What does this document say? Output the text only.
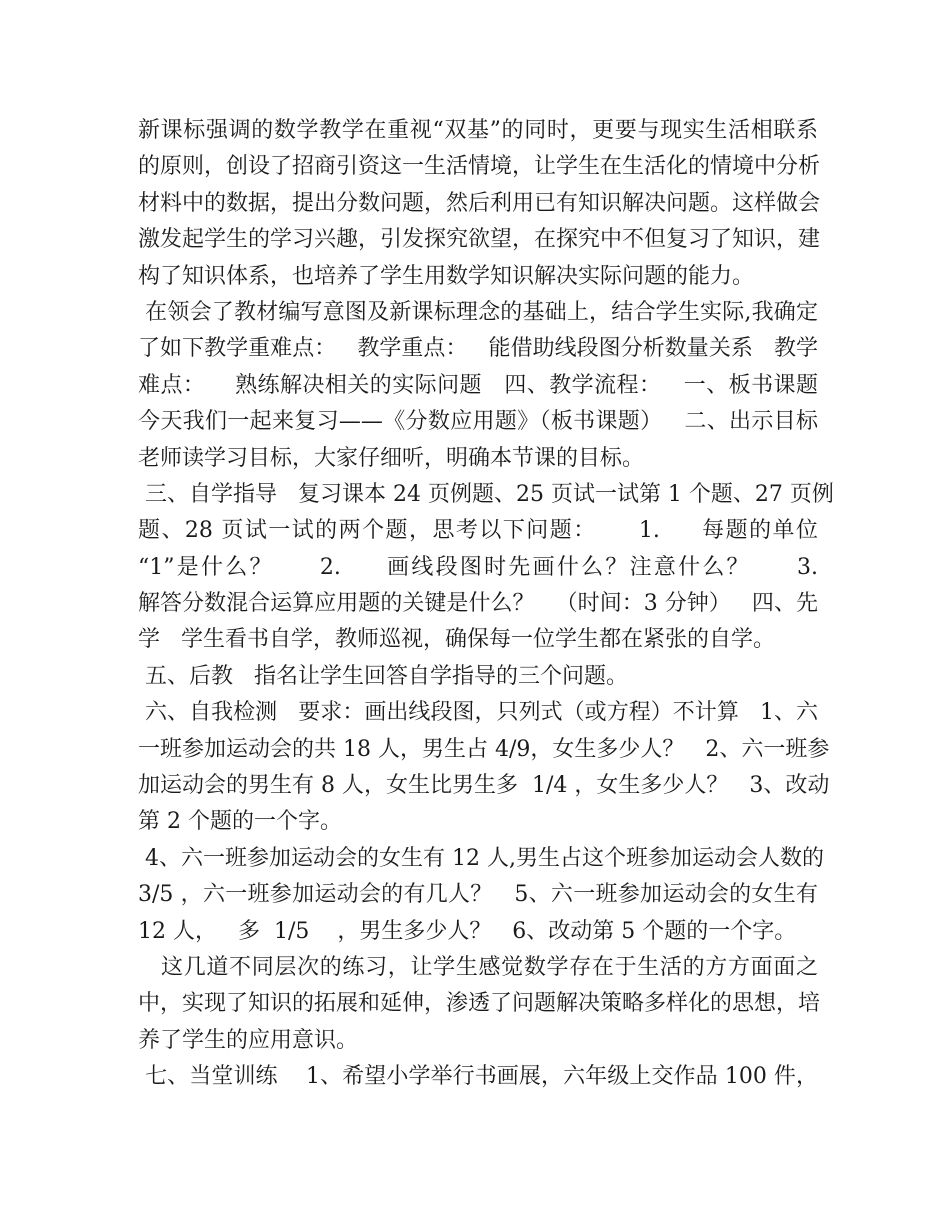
新课标强调的数学教学在重视“双基”的同时，更要与现实生活相联系
的原则，创设了招商引资这一生活情境，让学生在生活化的情境中分析
材料中的数据，提出分数问题，然后利用已有知识解决问题。这样做会
激发起学生的学习兴趣，引发探究欲望，在探究中不但复习了知识，建
构了知识体系，也培养了学生用数学知识解决实际问题的能力。
在领会了教材编写意图及新课标理念的基础上，结合学生实际,我确定
了如下教学重难点：   教学重点：   能借助线段图分析数量关系   教学
难点：    熟练解决相关的实际问题   四、教学流程：   一、板书课题
今天我们一起来复习——《分数应用题》（板书课题）   二、出示目标
老师读学习目标，大家仔细听，明确本节课的目标。
三、自学指导   复习课本 24 页例题、25 页试一试第 1 个题、27 页例
题、28 页试一试的两个题，思考以下问题：     1.     每题的单位
“1”是什么？     2.     画线段图时先画什么？注意什么？     3.
解答分数混合运算应用题的关键是什么？   （时间：3 分钟）   四、先
学   学生看书自学，教师巡视，确保每一位学生都在紧张的自学。
五、后教   指名让学生回答自学指导的三个问题。
六、自我检测   要求：画出线段图，只列式（或方程）不计算   1、六
一班参加运动会的共 18 人，男生占 4/9，女生多少人？   2、六一班参
加运动会的男生有 8 人，女生比男生多  1/4 ，女生多少人？   3、改动
第 2 个题的一个字。
4、六一班参加运动会的女生有 12 人,男生占这个班参加运动会人数的
3/5 ，六一班参加运动会的有几人？   5、六一班参加运动会的女生有
12 人，   多  1/5    ，男生多少人？   6、改动第 5 个题的一个字。
这几道不同层次的练习，让学生感觉数学存在于生活的方方面面之
中，实现了知识的拓展和延伸，渗透了问题解决策略多样化的思想，培
养了学生的应用意识。
七、当堂训练    1、希望小学举行书画展，六年级上交作品 100 件，
